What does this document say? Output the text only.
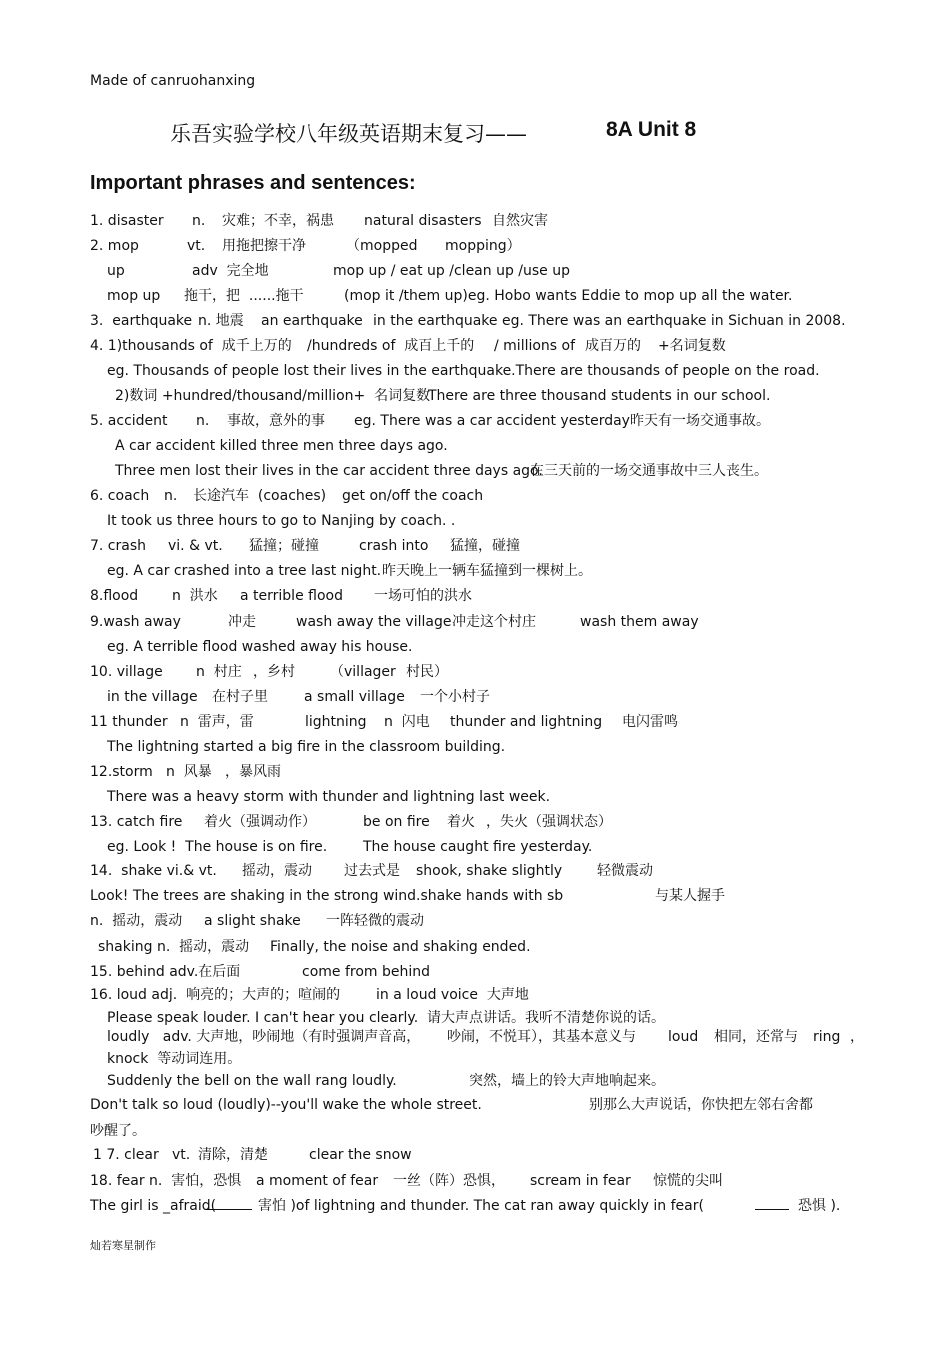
Made of canruohanxing
乐吾实验学校八年级英语期末复习——	8A Unit 8
Important phrases and sentences:
1. disaster n. 灾难；不幸，祸患 natural disasters 自然灾害
2. mop	vt. 用拖把擦干净	（mopped mopping）
up	adv  完全地	mop up / eat up /clean up /use up
mop up 拖干，把  ......拖干	(mop it /them up)eg. Hobo wants Eddie to mop up all the water.
3.  earthquake n. 地震 an earthquake in the earthquake eg. There was an earthquake in Sichuan in 2008.
4. 1)thousands of  成千上万的 /hundreds of  成百上千的 / millions of 成百万的 +名词复数
eg. Thousands of people lost their lives in the earthquake.There are thousands of people on the road.
2)数词 +hundred/thousand/million+  名词复数
There are three thousand students in our school.
5. accident n. 事故，意外的事 eg. There was a car accident yesterday昨天有一场交通事故。
A car accident killed three men three days ago.
Three men lost their lives in the car accident three days ago.
在三天前的一场交通事故中三人丧生。
6. coach n. 长途汽车  (coaches) get on/off the coach
It took us three hours to go to Nanjing by coach. .
7. crash vi. & vt. 猛撞；碰撞	crash into 猛撞，碰撞
eg. A car crashed into a tree last night. 昨天晚上一辆车猛撞到一棵树上。
8.flood n  洪水 a terrible flood 一场可怕的洪水
9.wash away	冲走	wash away the village 冲走这个村庄	wash them away
eg. A terrible flood washed away his house.
10. village n  村庄 ，乡村	（villager 村民）
in the village 在村子里	a small village 一个小村子
11 thunder n  雷声，雷	lightning n  闪电 thunder and lightning 电闪雷鸣
The lightning started a big fire in the classroom building.
12.storm n  风暴 ，暴风雨
There was a heavy storm with thunder and lightning last week.
13. catch fire 着火（强调动作）	be on fire 着火 ，失火（强调状态）
eg. Look !  The house is on fire.	The house caught fire yesterday.
14.  shake vi.& vt. 摇动，震动 过去式是 shook, shake slightly 轻微震动
Look! The trees are shaking in the strong wind.shake hands with sb	与某人握手
n.  摇动，震动 a slight shake 一阵轻微的震动
shaking n.  摇动，震动 Finally, the noise and shaking ended.
15. behind adv.在后面	come from behind
16. loud adj.  响亮的；大声的；喧闹的	in a loud voice  大声地
Please speak louder. I can't hear you clearly.  请大声点讲话。我听不清楚你说的话。
loudly   adv. 大声地，吵闹地（有时强调声音高， 吵闹，不悦耳），其基本意义与 loud 相同，还常与 ring ，
knock  等动词连用。
Suddenly the bell on the wall rang loudly.	突然，墙上的铃大声地响起来。
Don't talk so loud (loudly)--you'll wake the whole street.	别那么大声说话，你快把左邻右舍都
吵醒了。
1 7. clear vt. 清除，清楚	clear the snow
18. fear n.  害怕，恐惧 a moment of fear 一丝（阵）恐惧， scream in fear 惊慌的尖叫
The girl is _afraid(	害怕 )of lightning and thunder. The cat ran away quickly in fear(	恐惧 ).
灿若寒星制作
